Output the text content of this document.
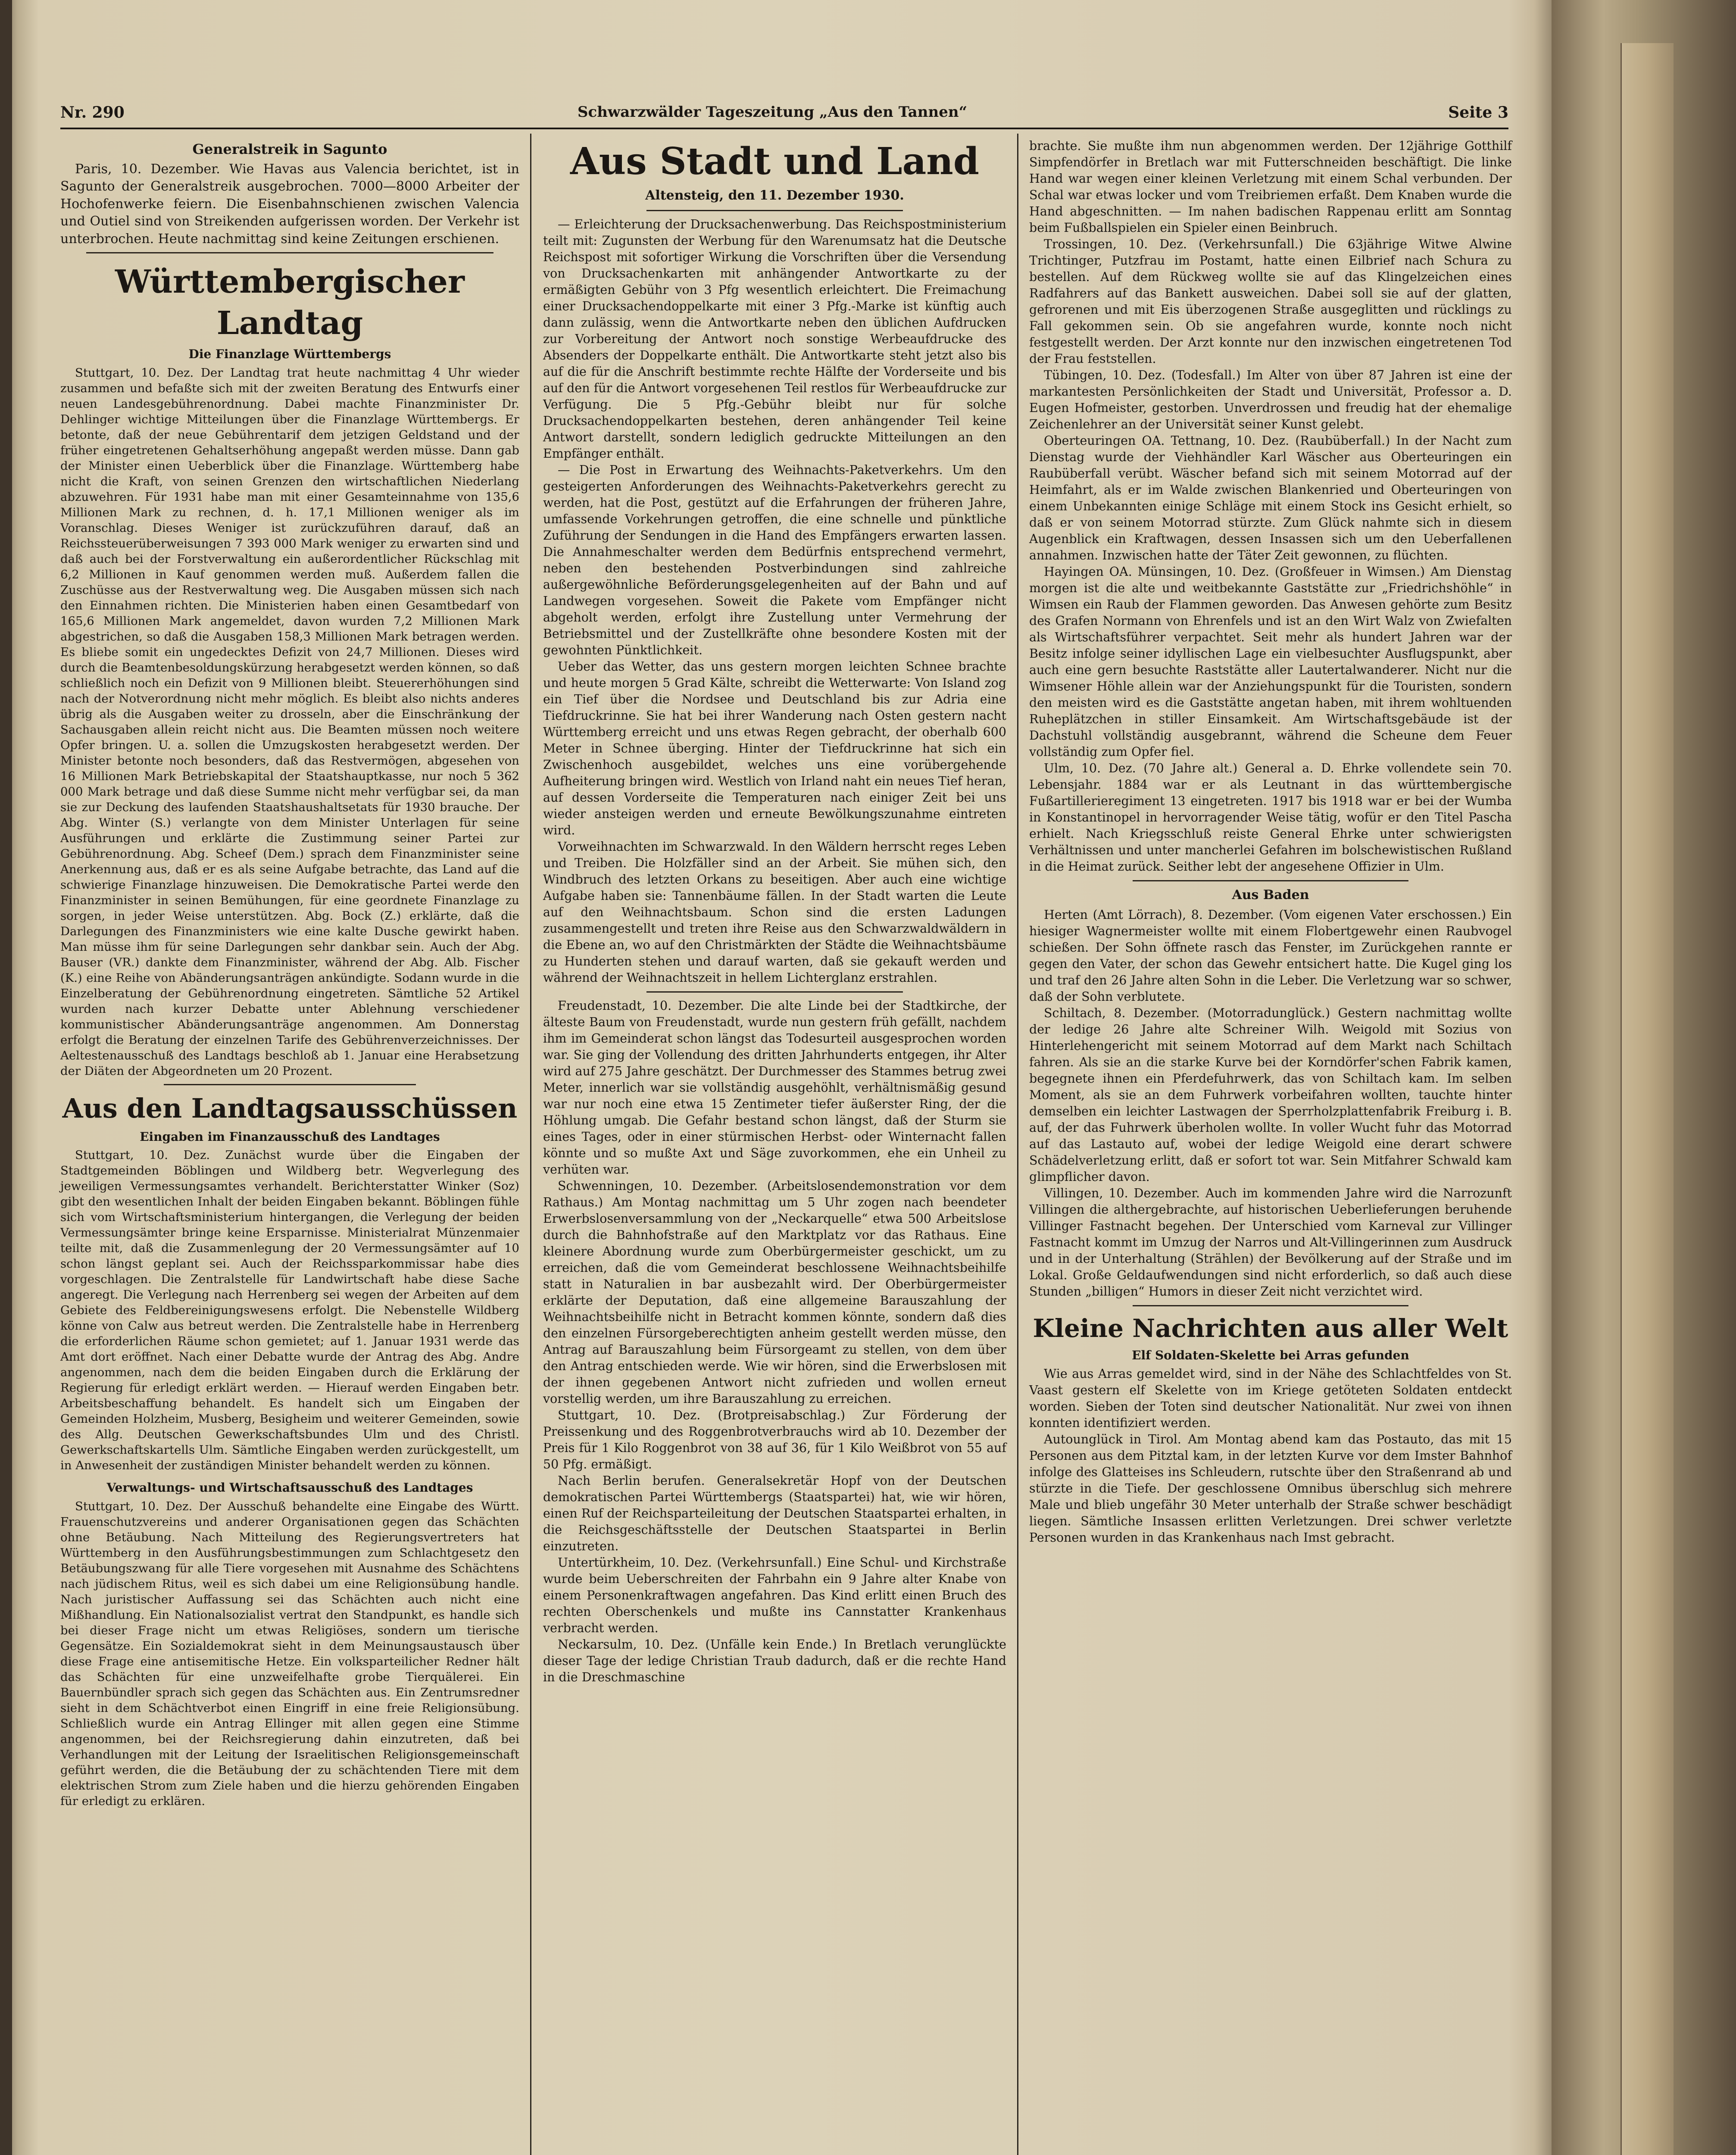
Nr. 290	Schwarzwälder Tageszeitung „Aus den Tannen“	Seite 3
Generalstreik in Sagunto

Paris, 10. Dezember. Wie Havas aus Valencia berichtet, ist in Sagunto der Generalstreik ausgebrochen. 7000—8000 Arbeiter der Hochofenwerke feiern. Die Eisenbahnschienen zwischen Valencia und Outiel sind von Streikenden aufgerissen worden. Der Verkehr ist unterbrochen. Heute nachmittag sind keine Zeitungen erschienen.

Württembergischer Landtag
Die Finanzlage Württembergs

Stuttgart, 10. Dez. Der Landtag trat heute nachmittag 4 Uhr wieder zusammen und befaßte sich mit der zweiten Beratung des Entwurfs einer neuen Landesgebührenordnung. Dabei machte Finanzminister Dr. Dehlinger wichtige Mitteilungen über die Finanzlage Württembergs. Er betonte, daß der neue Gebührentarif dem jetzigen Geldstand und der früher eingetretenen Gehaltserhöhung angepaßt werden müsse. Dann gab der Minister einen Ueberblick über die Finanzlage. Württemberg habe nicht die Kraft, von seinen Grenzen den wirtschaftlichen Niederlang abzuwehren. Für 1931 habe man mit einer Gesamteinnahme von 135,6 Millionen Mark zu rechnen, d. h. 17,1 Millionen weniger als im Voranschlag. Dieses Weniger ist zurückzuführen darauf, daß an Reichssteuerüberweisungen 7 393 000 Mark weniger zu erwarten sind und daß auch bei der Forstverwaltung ein außerordentlicher Rückschlag mit 6,2 Millionen in Kauf genommen werden muß. Außerdem fallen die Zuschüsse aus der Restverwaltung weg. Die Ausgaben müssen sich nach den Einnahmen richten. Die Ministerien haben einen Gesamtbedarf von 165,6 Millionen Mark angemeldet, davon wurden 7,2 Millionen Mark abgestrichen, so daß die Ausgaben 158,3 Millionen Mark betragen werden. Es bliebe somit ein ungedecktes Defizit von 24,7 Millionen. Dieses wird durch die Beamtenbesoldungskürzung herabgesetzt werden können, so daß schließlich noch ein Defizit von 9 Millionen bleibt. Steuererhöhungen sind nach der Notverordnung nicht mehr möglich. Es bleibt also nichts anderes übrig als die Ausgaben weiter zu drosseln, aber die Einschränkung der Sachausgaben allein reicht nicht aus. Die Beamten müssen noch weitere Opfer bringen. U. a. sollen die Umzugskosten herabgesetzt werden. Der Minister betonte noch besonders, daß das Restvermögen, abgesehen von 16 Millionen Mark Betriebskapital der Staatshauptkasse, nur noch 5 362 000 Mark betrage und daß diese Summe nicht mehr verfügbar sei, da man sie zur Deckung des laufenden Staatshaushaltsetats für 1930 brauche. Der Abg. Winter (S.) verlangte von dem Minister Unterlagen für seine Ausführungen und erklärte die Zustimmung seiner Partei zur Gebührenordnung. Abg. Scheef (Dem.) sprach dem Finanzminister seine Anerkennung aus, daß er es als seine Aufgabe betrachte, das Land auf die schwierige Finanzlage hinzuweisen. Die Demokratische Partei werde den Finanzminister in seinen Bemühungen, für eine geordnete Finanzlage zu sorgen, in jeder Weise unterstützen. Abg. Bock (Z.) erklärte, daß die Darlegungen des Finanzministers wie eine kalte Dusche gewirkt haben. Man müsse ihm für seine Darlegungen sehr dankbar sein. Auch der Abg. Bauser (VR.) dankte dem Finanzminister, während der Abg. Alb. Fischer (K.) eine Reihe von Abänderungsanträgen ankündigte. Sodann wurde in die Einzelberatung der Gebührenordnung eingetreten. Sämtliche 52 Artikel wurden nach kurzer Debatte unter Ablehnung verschiedener kommunistischer Abänderungsanträge angenommen. Am Donnerstag erfolgt die Beratung der einzelnen Tarife des Gebührenverzeichnisses. Der Aeltestenausschuß des Landtags beschloß ab 1. Januar eine Herabsetzung der Diäten der Abgeordneten um 20 Prozent.

Aus den Landtagsausschüssen
Eingaben im Finanzausschuß des Landtages

Stuttgart, 10. Dez. Zunächst wurde über die Eingaben der Stadtgemeinden Böblingen und Wildberg betr. Wegverlegung des jeweiligen Vermessungsamtes verhandelt. Berichterstatter Winker (Soz) gibt den wesentlichen Inhalt der beiden Eingaben bekannt. Böblingen fühle sich vom Wirtschaftsministerium hintergangen, die Verlegung der beiden Vermessungsämter bringe keine Ersparnisse. Ministerialrat Münzenmaier teilte mit, daß die Zusammenlegung der 20 Vermessungsämter auf 10 schon längst geplant sei. Auch der Reichssparkommissar habe dies vorgeschlagen. Die Zentralstelle für Landwirtschaft habe diese Sache angeregt. Die Verlegung nach Herrenberg sei wegen der Arbeiten auf dem Gebiete des Feldbereinigungswesens erfolgt. Die Nebenstelle Wildberg könne von Calw aus betreut werden. Die Zentralstelle habe in Herrenberg die erforderlichen Räume schon gemietet; auf 1. Januar 1931 werde das Amt dort eröffnet. Nach einer Debatte wurde der Antrag des Abg. Andre angenommen, nach dem die beiden Eingaben durch die Erklärung der Regierung für erledigt erklärt werden. — Hierauf werden Eingaben betr. Arbeitsbeschaffung behandelt. Es handelt sich um Eingaben der Gemeinden Holzheim, Musberg, Besigheim und weiterer Gemeinden, sowie des Allg. Deutschen Gewerkschaftsbundes Ulm und des Christl. Gewerkschaftskartells Ulm. Sämtliche Eingaben werden zurückgestellt, um in Anwesenheit der zuständigen Minister behandelt werden zu können.

Verwaltungs- und Wirtschaftsausschuß des Landtages

Stuttgart, 10. Dez. Der Ausschuß behandelte eine Eingabe des Württ. Frauenschutzvereins und anderer Organisationen gegen das Schächten ohne Betäubung. Nach Mitteilung des Regierungsvertreters hat Württemberg in den Ausführungsbestimmungen zum Schlachtgesetz den Betäubungszwang für alle Tiere vorgesehen mit Ausnahme des Schächtens nach jüdischem Ritus, weil es sich dabei um eine Religionsübung handle. Nach juristischer Auffassung sei das Schächten auch nicht eine Mißhandlung. Ein Nationalsozialist vertrat den Standpunkt, es handle sich bei dieser Frage nicht um etwas Religiöses, sondern um tierische Gegensätze. Ein Sozialdemokrat sieht in dem Meinungsaustausch über diese Frage eine antisemitische Hetze. Ein volksparteilicher Redner hält das Schächten für eine unzweifelhafte grobe Tierquälerei. Ein Bauernbündler sprach sich gegen das Schächten aus. Ein Zentrumsredner sieht in dem Schächtverbot einen Eingriff in eine freie Religionsübung. Schließlich wurde ein Antrag Ellinger mit allen gegen eine Stimme angenommen, bei der Reichsregierung dahin einzutreten, daß bei Verhandlungen mit der Leitung der Israelitischen Religionsgemeinschaft geführt werden, die die Betäubung der zu schächtenden Tiere mit dem elektrischen Strom zum Ziele haben und die hierzu gehörenden Eingaben für erledigt zu erklären.

Aus Stadt und Land
Altensteig, den 11. Dezember 1930.

— Erleichterung der Drucksachenwerbung. Das Reichspostministerium teilt mit: Zugunsten der Werbung für den Warenumsatz hat die Deutsche Reichspost mit sofortiger Wirkung die Vorschriften über die Versendung von Drucksachenkarten mit anhängender Antwortkarte zu der ermäßigten Gebühr von 3 Pfg wesentlich erleichtert. Die Freimachung einer Drucksachendoppelkarte mit einer 3 Pfg.-Marke ist künftig auch dann zulässig, wenn die Antwortkarte neben den üblichen Aufdrucken zur Vorbereitung der Antwort noch sonstige Werbeaufdrucke des Absenders der Doppelkarte enthält. Die Antwortkarte steht jetzt also bis auf die für die Anschrift bestimmte rechte Hälfte der Vorderseite und bis auf den für die Antwort vorgesehenen Teil restlos für Werbeaufdrucke zur Verfügung. Die 5 Pfg.-Gebühr bleibt nur für solche Drucksachendoppelkarten bestehen, deren anhängender Teil keine Antwort darstellt, sondern lediglich gedruckte Mitteilungen an den Empfänger enthält.

— Die Post in Erwartung des Weihnachts-Paketverkehrs. Um den gesteigerten Anforderungen des Weihnachts-Paketverkehrs gerecht zu werden, hat die Post, gestützt auf die Erfahrungen der früheren Jahre, umfassende Vorkehrungen getroffen, die eine schnelle und pünktliche Zuführung der Sendungen in die Hand des Empfängers erwarten lassen. Die Annahmeschalter werden dem Bedürfnis entsprechend vermehrt, neben den bestehenden Postverbindungen sind zahlreiche außergewöhnliche Beförderungsgelegenheiten auf der Bahn und auf Landwegen vorgesehen. Soweit die Pakete vom Empfänger nicht abgeholt werden, erfolgt ihre Zustellung unter Vermehrung der Betriebsmittel und der Zustellkräfte ohne besondere Kosten mit der gewohnten Pünktlichkeit.

Ueber das Wetter, das uns gestern morgen leichten Schnee brachte und heute morgen 5 Grad Kälte, schreibt die Wetterwarte: Von Island zog ein Tief über die Nordsee und Deutschland bis zur Adria eine Tiefdruckrinne. Sie hat bei ihrer Wanderung nach Osten gestern nacht Württemberg erreicht und uns etwas Regen gebracht, der oberhalb 600 Meter in Schnee überging. Hinter der Tiefdruckrinne hat sich ein Zwischenhoch ausgebildet, welches uns eine vorübergehende Aufheiterung bringen wird. Westlich von Irland naht ein neues Tief heran, auf dessen Vorderseite die Temperaturen nach einiger Zeit bei uns wieder ansteigen werden und erneute Bewölkungszunahme eintreten wird.

Vorweihnachten im Schwarzwald. In den Wäldern herrscht reges Leben und Treiben. Die Holzfäller sind an der Arbeit. Sie mühen sich, den Windbruch des letzten Orkans zu beseitigen. Aber auch eine wichtige Aufgabe haben sie: Tannenbäume fällen. In der Stadt warten die Leute auf den Weihnachtsbaum. Schon sind die ersten Ladungen zusammengestellt und treten ihre Reise aus den Schwarzwaldwäldern in die Ebene an, wo auf den Christmärkten der Städte die Weihnachtsbäume zu Hunderten stehen und darauf warten, daß sie gekauft werden und während der Weihnachtszeit in hellem Lichterglanz erstrahlen.

Freudenstadt, 10. Dezember. Die alte Linde bei der Stadtkirche, der älteste Baum von Freudenstadt, wurde nun gestern früh gefällt, nachdem ihm im Gemeinderat schon längst das Todesurteil ausgesprochen worden war. Sie ging der Vollendung des dritten Jahrhunderts entgegen, ihr Alter wird auf 275 Jahre geschätzt. Der Durchmesser des Stammes betrug zwei Meter, innerlich war sie vollständig ausgehöhlt, verhältnismäßig gesund war nur noch eine etwa 15 Zentimeter tiefer äußerster Ring, der die Höhlung umgab. Die Gefahr bestand schon längst, daß der Sturm sie eines Tages, oder in einer stürmischen Herbst- oder Winternacht fallen könnte und so mußte Axt und Säge zuvorkommen, ehe ein Unheil zu verhüten war.

Schwenningen, 10. Dezember. (Arbeitslosendemonstration vor dem Rathaus.) Am Montag nachmittag um 5 Uhr zogen nach beendeter Erwerbslosenversammlung von der „Neckarquelle“ etwa 500 Arbeitslose durch die Bahnhofstraße auf den Marktplatz vor das Rathaus. Eine kleinere Abordnung wurde zum Oberbürgermeister geschickt, um zu erreichen, daß die vom Gemeinderat beschlossene Weihnachtsbeihilfe statt in Naturalien in bar ausbezahlt wird. Der Oberbürgermeister erklärte der Deputation, daß eine allgemeine Barauszahlung der Weihnachtsbeihilfe nicht in Betracht kommen könnte, sondern daß dies den einzelnen Fürsorgeberechtigten anheim gestellt werden müsse, den Antrag auf Barauszahlung beim Fürsorgeamt zu stellen, von dem über den Antrag entschieden werde. Wie wir hören, sind die Erwerbslosen mit der ihnen gegebenen Antwort nicht zufrieden und wollen erneut vorstellig werden, um ihre Barauszahlung zu erreichen.

Stuttgart, 10. Dez. (Brotpreisabschlag.) Zur Förderung der Preissenkung und des Roggenbrotverbrauchs wird ab 10. Dezember der Preis für 1 Kilo Roggenbrot von 38 auf 36, für 1 Kilo Weißbrot von 55 auf 50 Pfg. ermäßigt.

Nach Berlin berufen. Generalsekretär Hopf von der Deutschen demokratischen Partei Württembergs (Staatspartei) hat, wie wir hören, einen Ruf der Reichsparteileitung der Deutschen Staatspartei erhalten, in die Reichsgeschäftsstelle der Deutschen Staatspartei in Berlin einzutreten.

Untertürkheim, 10. Dez. (Verkehrsunfall.) Eine Schul- und Kirchstraße wurde beim Ueberschreiten der Fahrbahn ein 9 Jahre alter Knabe von einem Personenkraftwagen angefahren. Das Kind erlitt einen Bruch des rechten Oberschenkels und mußte ins Cannstatter Krankenhaus verbracht werden.

Neckarsulm, 10. Dez. (Unfälle kein Ende.) In Bretlach verunglückte dieser Tage der ledige Christian Traub dadurch, daß er die rechte Hand in die Dreschmaschine

brachte. Sie mußte ihm nun abgenommen werden. Der 12jährige Gotthilf Simpfendörfer in Bretlach war mit Futterschneiden beschäftigt. Die linke Hand war wegen einer kleinen Verletzung mit einem Schal verbunden. Der Schal war etwas locker und vom Treibriemen erfaßt. Dem Knaben wurde die Hand abgeschnitten. — Im nahen badischen Rappenau erlitt am Sonntag beim Fußballspielen ein Spieler einen Beinbruch.

Trossingen, 10. Dez. (Verkehrsunfall.) Die 63jährige Witwe Alwine Trichtinger, Putzfrau im Postamt, hatte einen Eilbrief nach Schura zu bestellen. Auf dem Rückweg wollte sie auf das Klingelzeichen eines Radfahrers auf das Bankett ausweichen. Dabei soll sie auf der glatten, gefrorenen und mit Eis überzogenen Straße ausgeglitten und rücklings zu Fall gekommen sein. Ob sie angefahren wurde, konnte noch nicht festgestellt werden. Der Arzt konnte nur den inzwischen eingetretenen Tod der Frau feststellen.

Tübingen, 10. Dez. (Todesfall.) Im Alter von über 87 Jahren ist eine der markantesten Persönlichkeiten der Stadt und Universität, Professor a. D. Eugen Hofmeister, gestorben. Unverdrossen und freudig hat der ehemalige Zeichenlehrer an der Universität seiner Kunst gelebt.

Oberteuringen OA. Tettnang, 10. Dez. (Raubüberfall.) In der Nacht zum Dienstag wurde der Viehhändler Karl Wäscher aus Oberteuringen ein Raubüberfall verübt. Wäscher befand sich mit seinem Motorrad auf der Heimfahrt, als er im Walde zwischen Blankenried und Oberteuringen von einem Unbekannten einige Schläge mit einem Stock ins Gesicht erhielt, so daß er von seinem Motorrad stürzte. Zum Glück nahmte sich in diesem Augenblick ein Kraftwagen, dessen Insassen sich um den Ueberfallenen annahmen. Inzwischen hatte der Täter Zeit gewonnen, zu flüchten.

Hayingen OA. Münsingen, 10. Dez. (Großfeuer in Wimsen.) Am Dienstag morgen ist die alte und weitbekannte Gaststätte zur „Friedrichshöhle“ in Wimsen ein Raub der Flammen geworden. Das Anwesen gehörte zum Besitz des Grafen Normann von Ehrenfels und ist an den Wirt Walz von Zwiefalten als Wirtschaftsführer verpachtet. Seit mehr als hundert Jahren war der Besitz infolge seiner idyllischen Lage ein vielbesuchter Ausflugspunkt, aber auch eine gern besuchte Raststätte aller Lautertalwanderer. Nicht nur die Wimsener Höhle allein war der Anziehungspunkt für die Touristen, sondern den meisten wird es die Gaststätte angetan haben, mit ihrem wohltuenden Ruheplätzchen in stiller Einsamkeit. Am Wirtschaftsgebäude ist der Dachstuhl vollständig ausgebrannt, während die Scheune dem Feuer vollständig zum Opfer fiel.

Ulm, 10. Dez. (70 Jahre alt.) General a. D. Ehrke vollendete sein 70. Lebensjahr. 1884 war er als Leutnant in das württembergische Fußartillerieregiment 13 eingetreten. 1917 bis 1918 war er bei der Wumba in Konstantinopel in hervorragender Weise tätig, wofür er den Titel Pascha erhielt. Nach Kriegsschluß reiste General Ehrke unter schwierigsten Verhältnissen und unter mancherlei Gefahren im bolschewistischen Rußland in die Heimat zurück. Seither lebt der angesehene Offizier in Ulm.

Aus Baden

Herten (Amt Lörrach), 8. Dezember. (Vom eigenen Vater erschossen.) Ein hiesiger Wagnermeister wollte mit einem Flobertgewehr einen Raubvogel schießen. Der Sohn öffnete rasch das Fenster, im Zurückgehen rannte er gegen den Vater, der schon das Gewehr entsichert hatte. Die Kugel ging los und traf den 26 Jahre alten Sohn in die Leber. Die Verletzung war so schwer, daß der Sohn verblutete.

Schiltach, 8. Dezember. (Motorradunglück.) Gestern nachmittag wollte der ledige 26 Jahre alte Schreiner Wilh. Weigold mit Sozius von Hinterlehengericht mit seinem Motorrad auf dem Markt nach Schiltach fahren. Als sie an die starke Kurve bei der Korndörfer'schen Fabrik kamen, begegnete ihnen ein Pferdefuhrwerk, das von Schiltach kam. Im selben Moment, als sie an dem Fuhrwerk vorbeifahren wollten, tauchte hinter demselben ein leichter Lastwagen der Sperrholzplattenfabrik Freiburg i. B. auf, der das Fuhrwerk überholen wollte. In voller Wucht fuhr das Motorrad auf das Lastauto auf, wobei der ledige Weigold eine derart schwere Schädelverletzung erlitt, daß er sofort tot war. Sein Mitfahrer Schwald kam glimpflicher davon.

Villingen, 10. Dezember. Auch im kommenden Jahre wird die Narrozunft Villingen die althergebrachte, auf historischen Ueberlieferungen beruhende Villinger Fastnacht begehen. Der Unterschied vom Karneval zur Villinger Fastnacht kommt im Umzug der Narros und Alt-Villingerinnen zum Ausdruck und in der Unterhaltung (Strählen) der Bevölkerung auf der Straße und im Lokal. Große Geldaufwendungen sind nicht erforderlich, so daß auch diese Stunden „billigen“ Humors in dieser Zeit nicht verzichtet wird.

Kleine Nachrichten aus aller Welt
Elf Soldaten-Skelette bei Arras gefunden

Wie aus Arras gemeldet wird, sind in der Nähe des Schlachtfeldes von St. Vaast gestern elf Skelette von im Kriege getöteten Soldaten entdeckt worden. Sieben der Toten sind deutscher Nationalität. Nur zwei von ihnen konnten identifiziert werden.

Autounglück in Tirol. Am Montag abend kam das Postauto, das mit 15 Personen aus dem Pitztal kam, in der letzten Kurve vor dem Imster Bahnhof infolge des Glatteises ins Schleudern, rutschte über den Straßenrand ab und stürzte in die Tiefe. Der geschlossene Omnibus überschlug sich mehrere Male und blieb ungefähr 30 Meter unterhalb der Straße schwer beschädigt liegen. Sämtliche Insassen erlitten Verletzungen. Drei schwer verletzte Personen wurden in das Krankenhaus nach Imst gebracht.
